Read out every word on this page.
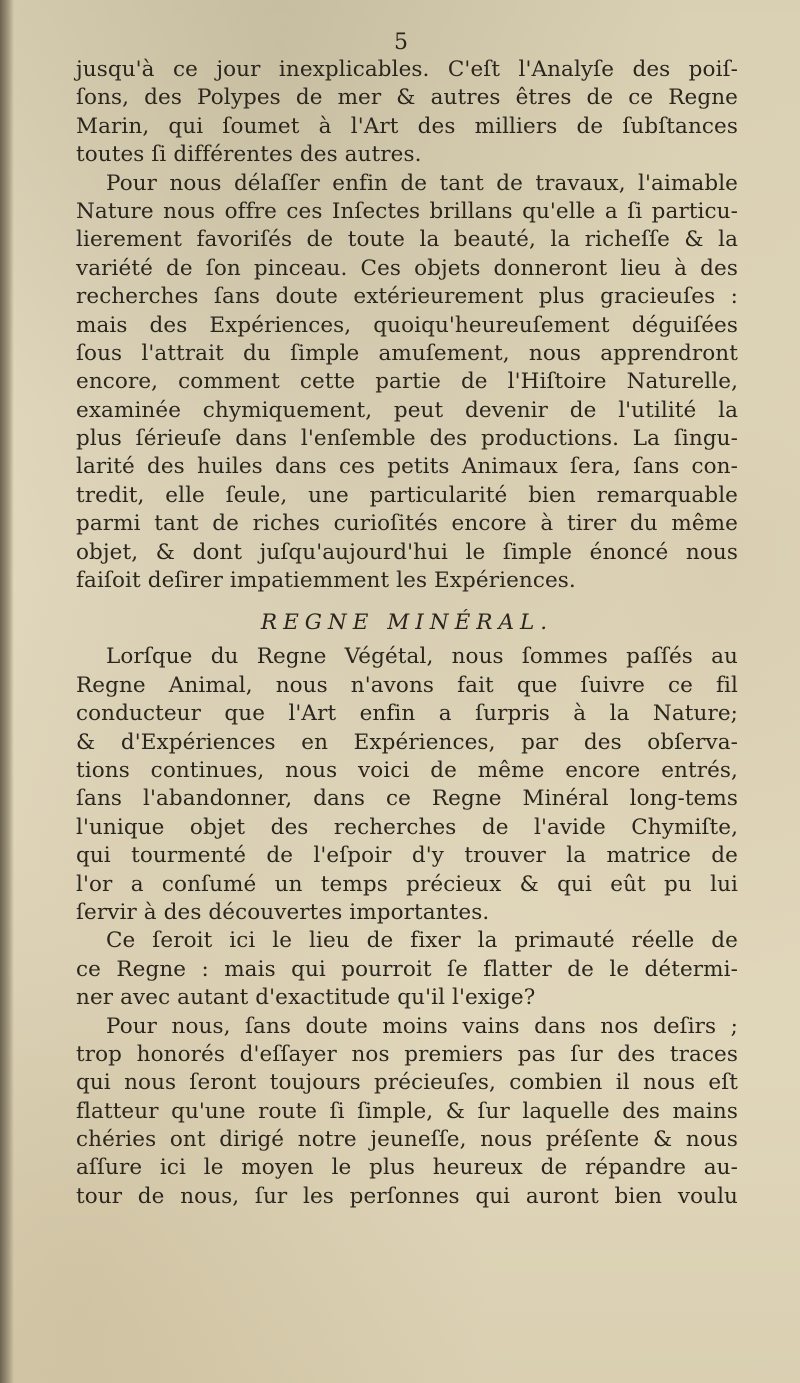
5
jusqu'à ce jour inexplicables. C'eſt l'Analyſe des poiſ-
ſons, des Polypes de mer & autres êtres de ce Regne
Marin, qui ſoumet à l'Art des milliers de ſubſtances
toutes ſi différentes des autres.
Pour nous délaſſer enfin de tant de travaux, l'aimable
Nature nous offre ces Inſectes brillans qu'elle a ſi particu-
lierement favoriſés de toute la beauté, la richeſſe & la
variété de ſon pinceau. Ces objets donneront lieu à des
recherches ſans doute extérieurement plus gracieuſes :
mais des Expériences, quoiqu'heureuſement déguiſées
ſous l'attrait du ſimple amuſement, nous apprendront
encore, comment cette partie de l'Hiſtoire Naturelle,
examinée chymiquement, peut devenir de l'utilité la
plus ſérieuſe dans l'enſemble des productions. La ſingu-
larité des huiles dans ces petits Animaux ſera, ſans con-
tredit, elle ſeule, une particularité bien remarquable
parmi tant de riches curioſités encore à tirer du même
objet, & dont juſqu'aujourd'hui le ſimple énoncé nous
faiſoit deſirer impatiemment les Expériences.
REGNE MINÉRAL.
Lorſque du Regne Végétal, nous ſommes paſſés au
Regne Animal, nous n'avons fait que ſuivre ce fil
conducteur que l'Art enfin a ſurpris à la Nature;
& d'Expériences en Expériences, par des obſerva-
tions continues, nous voici de même encore entrés,
ſans l'abandonner, dans ce Regne Minéral long-tems
l'unique objet des recherches de l'avide Chymiſte,
qui tourmenté de l'eſpoir d'y trouver la matrice de
l'or a conſumé un temps précieux & qui eût pu lui
ſervir à des découvertes importantes.
Ce ſeroit ici le lieu de fixer la primauté réelle de
ce Regne : mais qui pourroit ſe flatter de le détermi-
ner avec autant d'exactitude qu'il l'exige?
Pour nous, ſans doute moins vains dans nos deſirs ;
trop honorés d'eſſayer nos premiers pas ſur des traces
qui nous ſeront toujours précieuſes, combien il nous eſt
flatteur qu'une route ſi ſimple, & ſur laquelle des mains
chéries ont dirigé notre jeuneſſe, nous préſente & nous
aſſure ici le moyen le plus heureux de répandre au-
tour de nous, ſur les perſonnes qui auront bien voulu
